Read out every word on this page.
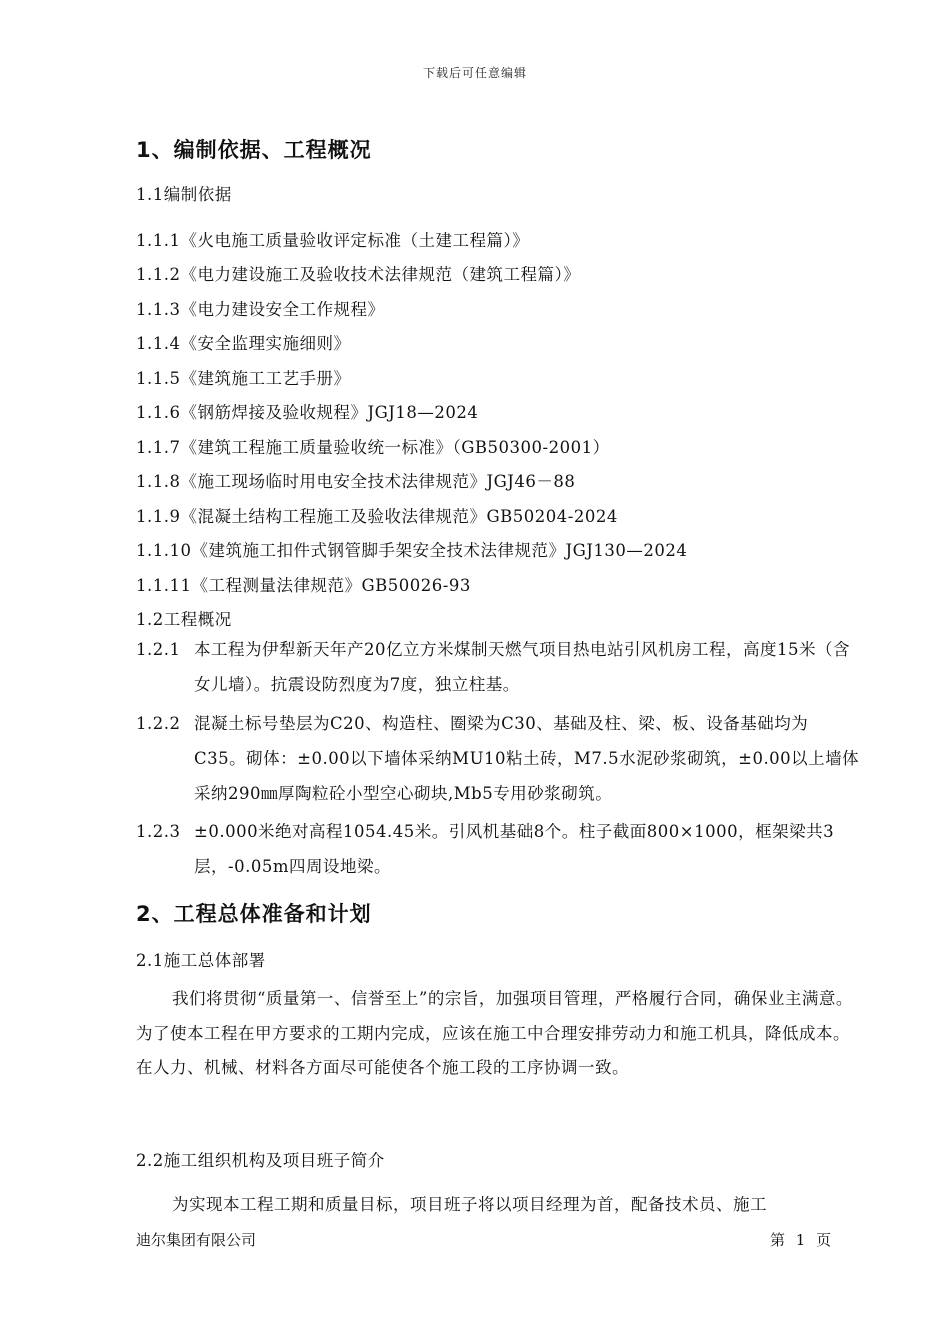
下载后可任意编辑
1、编制依据、工程概况
1.1编制依据
1.1.1《火电施工质量验收评定标准（土建工程篇）》
1.1.2《电力建设施工及验收技术法律规范（建筑工程篇）》
1.1.3《电力建设安全工作规程》
1.1.4《安全监理实施细则》
1.1.5《建筑施工工艺手册》
1.1.6《钢筋焊接及验收规程》JGJ18—2024
1.1.7《建筑工程施工质量验收统一标准》（GB50300-2001）
1.1.8《施工现场临时用电安全技术法律规范》JGJ46－88
1.1.9《混凝土结构工程施工及验收法律规范》GB50204-2024
1.1.10《建筑施工扣件式钢管脚手架安全技术法律规范》JGJ130—2024
1.1.11《工程测量法律规范》GB50026-93
1.2工程概况
1.2.1 本工程为伊犁新天年产20亿立方米煤制天燃气项目热电站引风机房工程，高度15米（含女儿墙）。抗震设防烈度为7度，独立柱基。
1.2.2 混凝土标号垫层为C20、构造柱、圈梁为C30、基础及柱、梁、板、设备基础均为C35。砌体：±0.00以下墙体采纳MU10粘土砖，M7.5水泥砂浆砌筑，±0.00以上墙体采纳290㎜厚陶粒砼小型空心砌块,Mb5专用砂浆砌筑。
1.2.3 ±0.000米绝对高程1054.45米。引风机基础8个。柱子截面800×1000，框架梁共3层，-0.05m四周设地梁。
2、工程总体准备和计划
2.1施工总体部署
我们将贯彻“质量第一、信誉至上”的宗旨，加强项目管理，严格履行合同，确保业主满意。为了使本工程在甲方要求的工期内完成，应该在施工中合理安排劳动力和施工机具，降低成本。在人力、机械、材料各方面尽可能使各个施工段的工序协调一致。
2.2施工组织机构及项目班子简介
为实现本工程工期和质量目标，项目班子将以项目经理为首，配备技术员、施工
迪尔集团有限公司	第 1 页
